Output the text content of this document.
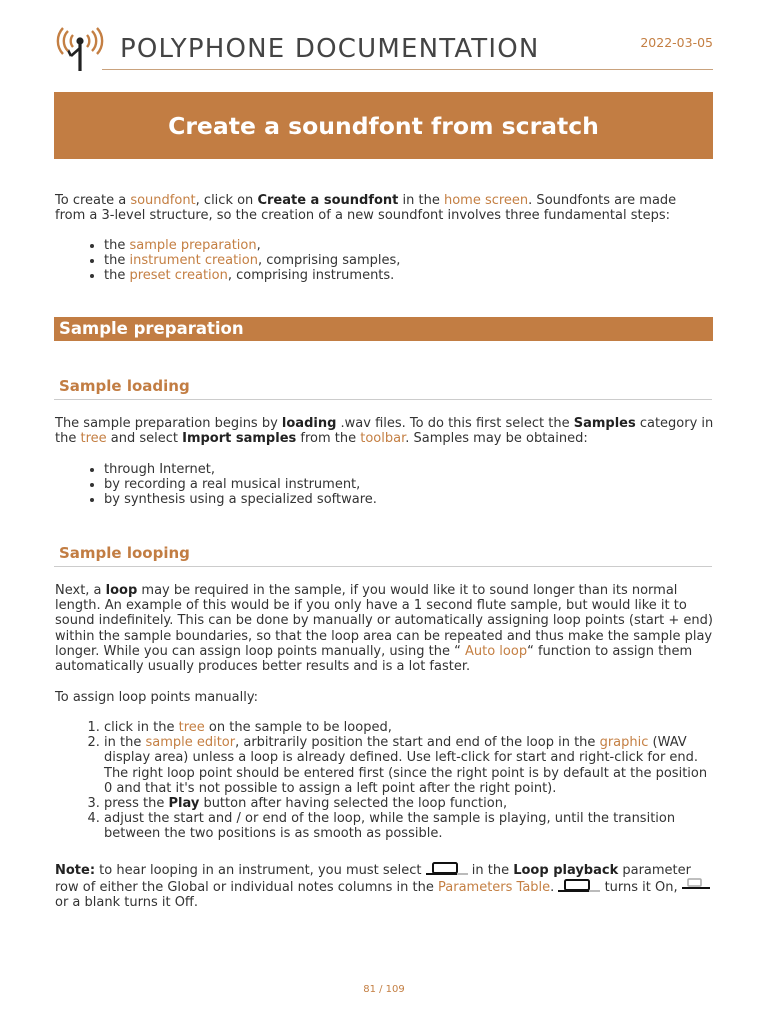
POLYPHONE DOCUMENTATION	2022-03-05
Create a soundfont from scratch
To create a soundfont, click on Create a soundfont in the home screen. Soundfonts are made
from a 3-level structure, so the creation of a new soundfont involves three fundamental steps:
• the sample preparation,
• the instrument creation, comprising samples,
• the preset creation, comprising instruments.
Sample preparation
Sample loading
The sample preparation begins by loading .wav files. To do this first select the Samples category in
the tree and select Import samples from the toolbar. Samples may be obtained:
• through Internet,
• by recording a real musical instrument,
• by synthesis using a specialized software.
Sample looping
Next, a loop may be required in the sample, if you would like it to sound longer than its normal
length. An example of this would be if you only have a 1 second flute sample, but would like it to
sound indefinitely. This can be done by manually or automatically assigning loop points (start + end)
within the sample boundaries, so that the loop area can be repeated and thus make the sample play
longer. While you can assign loop points manually, using the “ Auto loop“ function to assign them
automatically usually produces better results and is a lot faster.
To assign loop points manually:
1. click in the tree on the sample to be looped,
2. in the sample editor, arbitrarily position the start and end of the loop in the graphic (WAV
display area) unless a loop is already defined. Use left-click for start and right-click for end.
The right loop point should be entered first (since the right point is by default at the position
0 and that it's not possible to assign a left point after the right point).
3. press the Play button after having selected the loop function,
4. adjust the start and / or end of the loop, while the sample is playing, until the transition
between the two positions is as smooth as possible.
Note: to hear looping in an instrument, you must select	in the Loop playback parameter
row of either the Global or individual notes columns in the Parameters Table.	turns it On,
or a blank turns it Off.
81 / 109
